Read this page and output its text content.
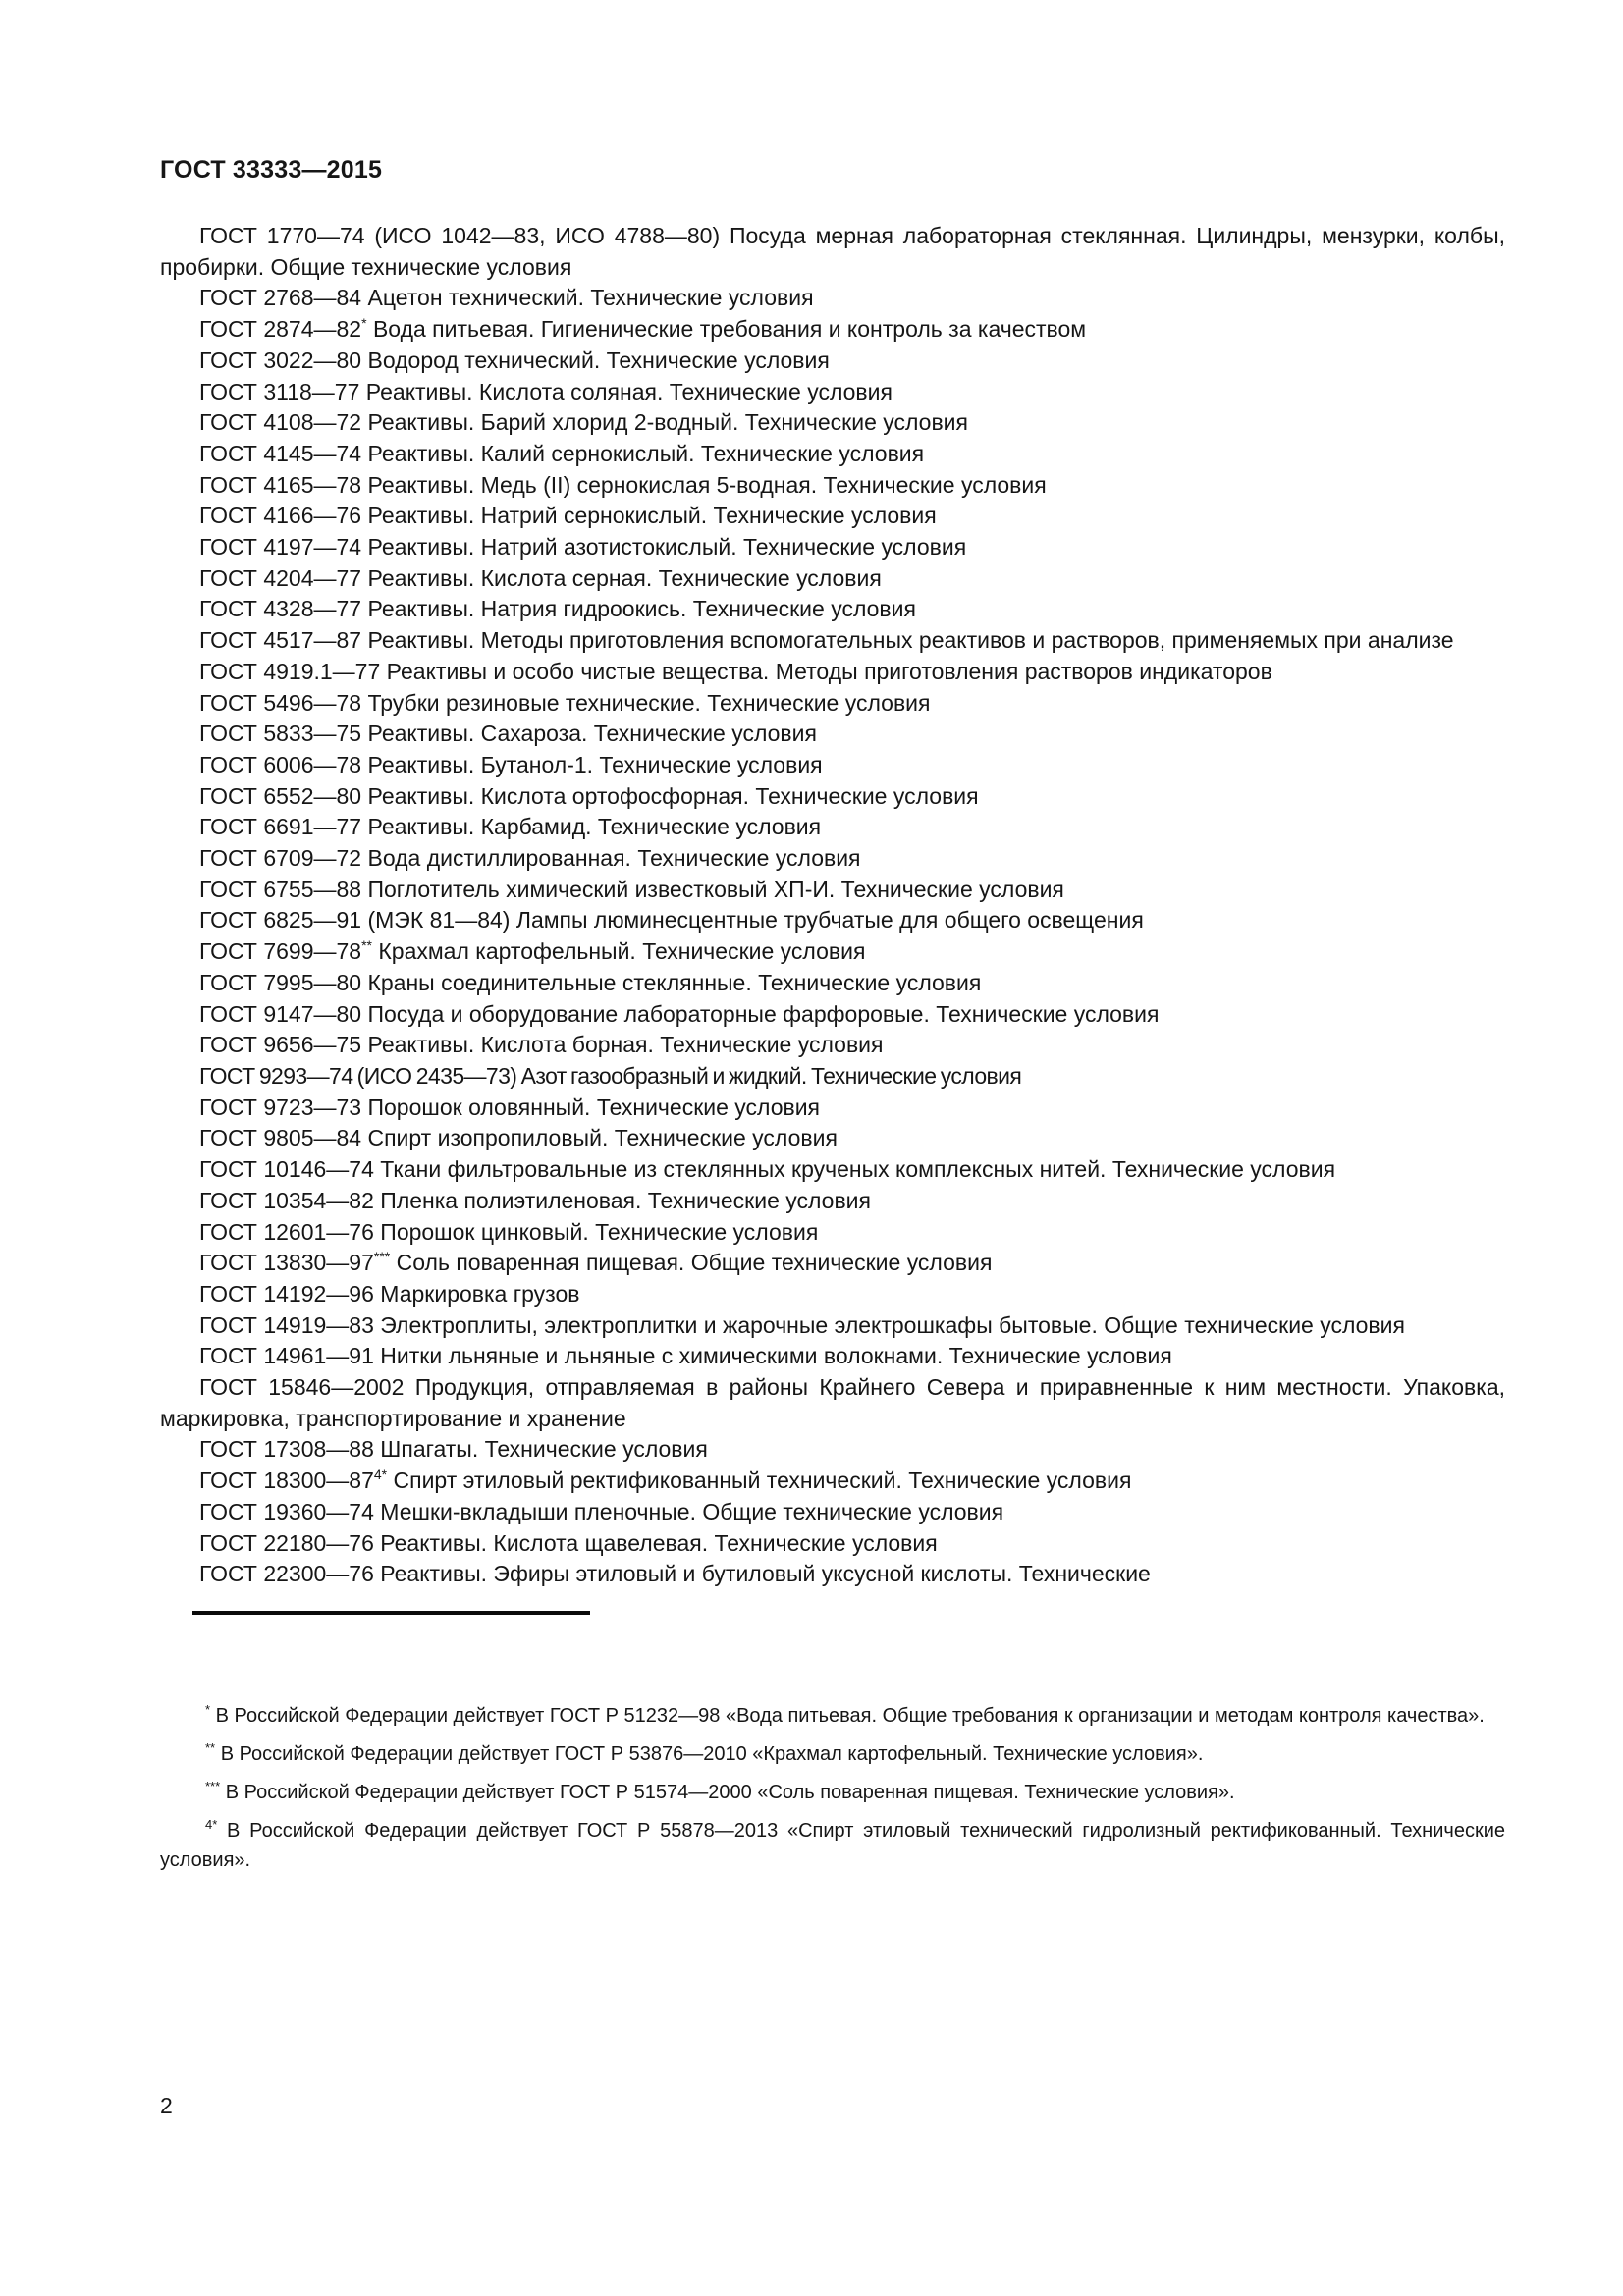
ГОСТ 33333—2015

ГОСТ 1770—74 (ИСО 1042—83, ИСО 4788—80) Посуда мерная лабораторная стеклянная. Цилиндры, мензурки, колбы, пробирки. Общие технические условия

ГОСТ 2768—84 Ацетон технический. Технические условия

ГОСТ 2874—82* Вода питьевая. Гигиенические требования и контроль за качеством

ГОСТ 3022—80 Водород технический. Технические условия

ГОСТ 3118—77 Реактивы. Кислота соляная. Технические условия

ГОСТ 4108—72 Реактивы. Барий хлорид 2-водный. Технические условия

ГОСТ 4145—74 Реактивы. Калий сернокислый. Технические условия

ГОСТ 4165—78 Реактивы. Медь (II) сернокислая 5-водная. Технические условия

ГОСТ 4166—76 Реактивы. Натрий сернокислый. Технические условия

ГОСТ 4197—74 Реактивы. Натрий азотистокислый. Технические условия

ГОСТ 4204—77 Реактивы. Кислота серная. Технические условия

ГОСТ 4328—77 Реактивы. Натрия гидроокись. Технические условия

ГОСТ 4517—87 Реактивы. Методы приготовления вспомогательных реактивов и растворов, применяемых при анализе

ГОСТ 4919.1—77 Реактивы и особо чистые вещества. Методы приготовления растворов индикаторов

ГОСТ 5496—78 Трубки резиновые технические. Технические условия

ГОСТ 5833—75 Реактивы. Сахароза. Технические условия

ГОСТ 6006—78 Реактивы. Бутанол-1. Технические условия

ГОСТ 6552—80 Реактивы. Кислота ортофосфорная. Технические условия

ГОСТ 6691—77 Реактивы. Карбамид. Технические условия

ГОСТ 6709—72 Вода дистиллированная. Технические условия

ГОСТ 6755—88 Поглотитель химический известковый ХП-И. Технические условия

ГОСТ 6825—91 (МЭК 81—84) Лампы люминесцентные трубчатые для общего освещения

ГОСТ 7699—78** Крахмал картофельный. Технические условия

ГОСТ 7995—80 Краны соединительные стеклянные. Технические условия

ГОСТ 9147—80 Посуда и оборудование лабораторные фарфоровые. Технические условия

ГОСТ 9656—75 Реактивы. Кислота борная. Технические условия

ГОСТ 9293—74 (ИСО 2435—73) Азот газообразный и жидкий. Технические условия

ГОСТ 9723—73 Порошок оловянный. Технические условия

ГОСТ 9805—84 Спирт изопропиловый. Технические условия

ГОСТ 10146—74 Ткани фильтровальные из стеклянных крученых комплексных нитей. Технические условия

ГОСТ 10354—82 Пленка полиэтиленовая. Технические условия

ГОСТ 12601—76 Порошок цинковый. Технические условия

ГОСТ 13830—97*** Соль поваренная пищевая. Общие технические условия

ГОСТ 14192—96 Маркировка грузов

ГОСТ 14919—83 Электроплиты, электроплитки и жарочные электрошкафы бытовые. Общие технические условия

ГОСТ 14961—91 Нитки льняные и льняные с химическими волокнами. Технические условия

ГОСТ 15846—2002 Продукция, отправляемая в районы Крайнего Севера и приравненные к ним местности. Упаковка, маркировка, транспортирование и хранение

ГОСТ 17308—88 Шпагаты. Технические условия

ГОСТ $18300—87^{4*}$ Спирт этиловый ректификованный технический. Технические условия

ГОСТ 19360—74 Мешки-вкладыши пленочные. Общие технические условия

ГОСТ 22180—76 Реактивы. Кислота щавелевая. Технические условия

ГОСТ 22300—76 Реактивы. Эфиры этиловый и бутиловый уксусной кислоты. Технические

* В Российской Федерации действует ГОСТ Р 51232—98 «Вода питьевая. Общие требования к организации и методам контроля качества».

** В Российской Федерации действует ГОСТ Р 53876—2010 «Крахмал картофельный. Технические условия».

*** В Российской Федерации действует ГОСТ Р 51574—2000 «Соль поваренная пищевая. Технические условия».

$^{4*}$ В Российской Федерации действует ГОСТ Р 55878—2013 «Спирт этиловый технический гидролизный ректификованный. Технические условия».

2
